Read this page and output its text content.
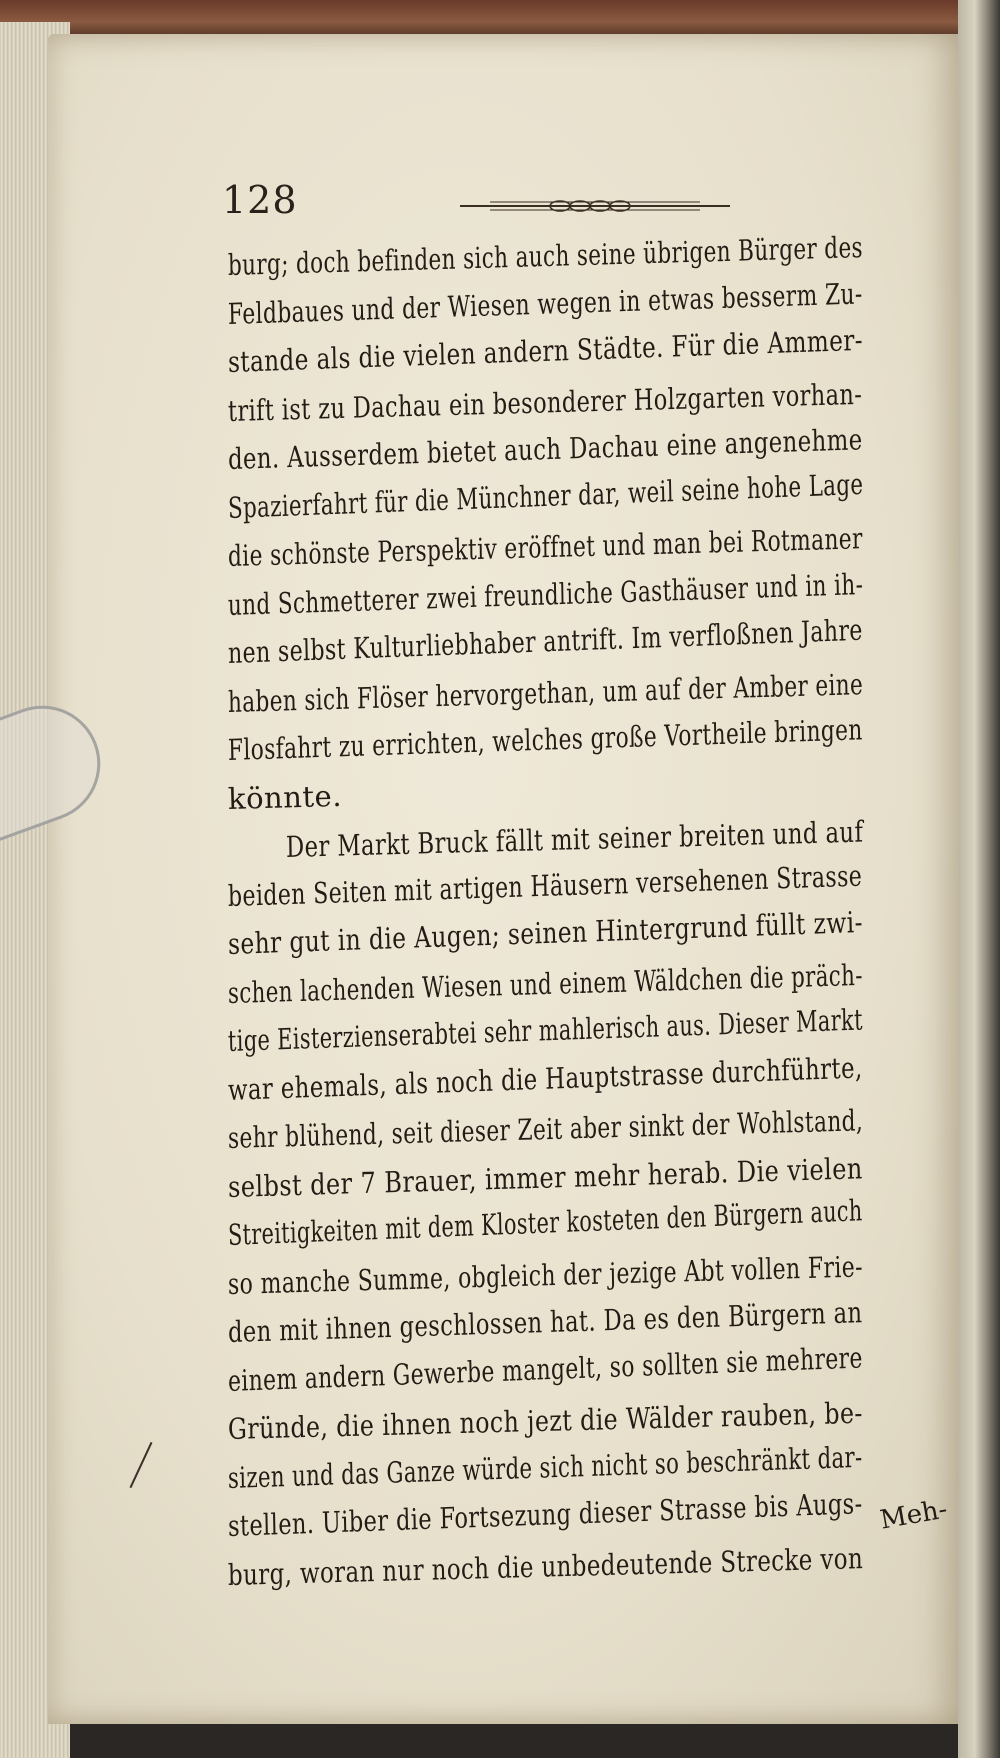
128
burg; doch befinden sich auch seine übrigen Bürger des
Feldbaues und der Wiesen wegen in etwas besserm Zu-
stande als die vielen andern Städte. Für die Ammer-
trift ist zu Dachau ein besonderer Holzgarten vorhan-
den. Ausserdem bietet auch Dachau eine angenehme
Spazierfahrt für die Münchner dar, weil seine hohe Lage
die schönste Perspektiv eröffnet und man bei Rotmaner
und Schmetterer zwei freundliche Gasthäuser und in ih-
nen selbst Kulturliebhaber antrift. Im verfloßnen Jahre
haben sich Flöser hervorgethan, um auf der Amber eine
Flosfahrt zu errichten, welches große Vortheile bringen
könnte.
Der Markt Bruck fällt mit seiner breiten und auf
beiden Seiten mit artigen Häusern versehenen Strasse
sehr gut in die Augen; seinen Hintergrund füllt zwi-
schen lachenden Wiesen und einem Wäldchen die präch-
tige Eisterzienserabtei sehr mahlerisch aus. Dieser Markt
war ehemals, als noch die Hauptstrasse durchführte,
sehr blühend, seit dieser Zeit aber sinkt der Wohlstand,
selbst der 7 Brauer, immer mehr herab. Die vielen
Streitigkeiten mit dem Kloster kosteten den Bürgern auch
so manche Summe, obgleich der jezige Abt vollen Frie-
den mit ihnen geschlossen hat. Da es den Bürgern an
einem andern Gewerbe mangelt, so sollten sie mehrere
Gründe, die ihnen noch jezt die Wälder rauben, be-
sizen und das Ganze würde sich nicht so beschränkt dar-
stellen. Uiber die Fortsezung dieser Strasse bis Augs-
burg, woran nur noch die unbedeutende Strecke von
Meh-
